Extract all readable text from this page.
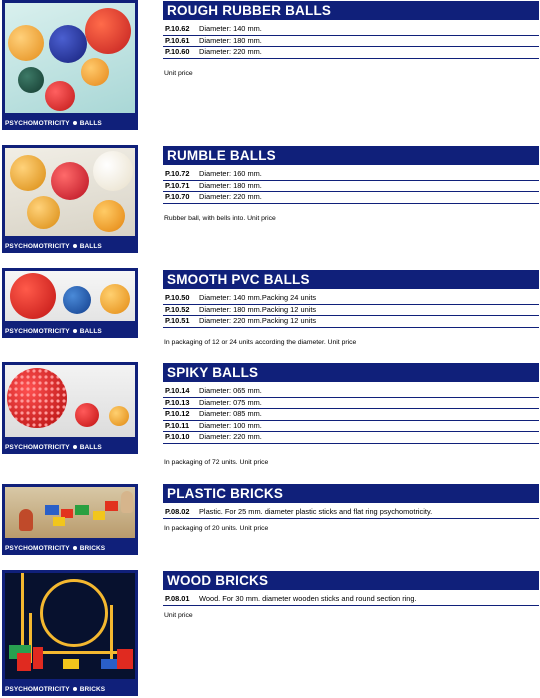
PSYCHOMOTRICITY BALLS
ROUGH RUBBER BALLS
P.10.62 Diameter: 140 mm.
P.10.61 Diameter: 180 mm.
P.10.60 Diameter: 220 mm.
Unit price
PSYCHOMOTRICITY BALLS
RUMBLE BALLS
P.10.72 Diameter: 160 mm.
P.10.71 Diameter: 180 mm.
P.10.70 Diameter: 220 mm.
Rubber ball, with bells into. Unit price
PSYCHOMOTRICITY BALLS
SMOOTH PVC BALLS
P.10.50 Diameter: 140 mm.Packing 24 units
P.10.52 Diameter: 180 mm.Packing 12 units
P.10.51 Diameter: 220 mm.Packing 12 units
In packaging of 12 or 24 units according the diameter. Unit price
PSYCHOMOTRICITY BALLS
SPIKY BALLS
P.10.14 Diameter: 065 mm.
P.10.13 Diameter: 075 mm.
P.10.12 Diameter: 085 mm.
P.10.11 Diameter: 100 mm.
P.10.10 Diameter: 220 mm.
In packaging of 72 units. Unit price
PSYCHOMOTRICITY BRICKS
PLASTIC BRICKS
P.08.02 Plastic. For 25 mm. diameter plastic sticks and flat ring psychomotricity.
In packaging of 20 units. Unit price
PSYCHOMOTRICITY BRICKS
WOOD BRICKS
P.08.01 Wood. For 30 mm. diameter wooden sticks and round section ring.
Unit price
